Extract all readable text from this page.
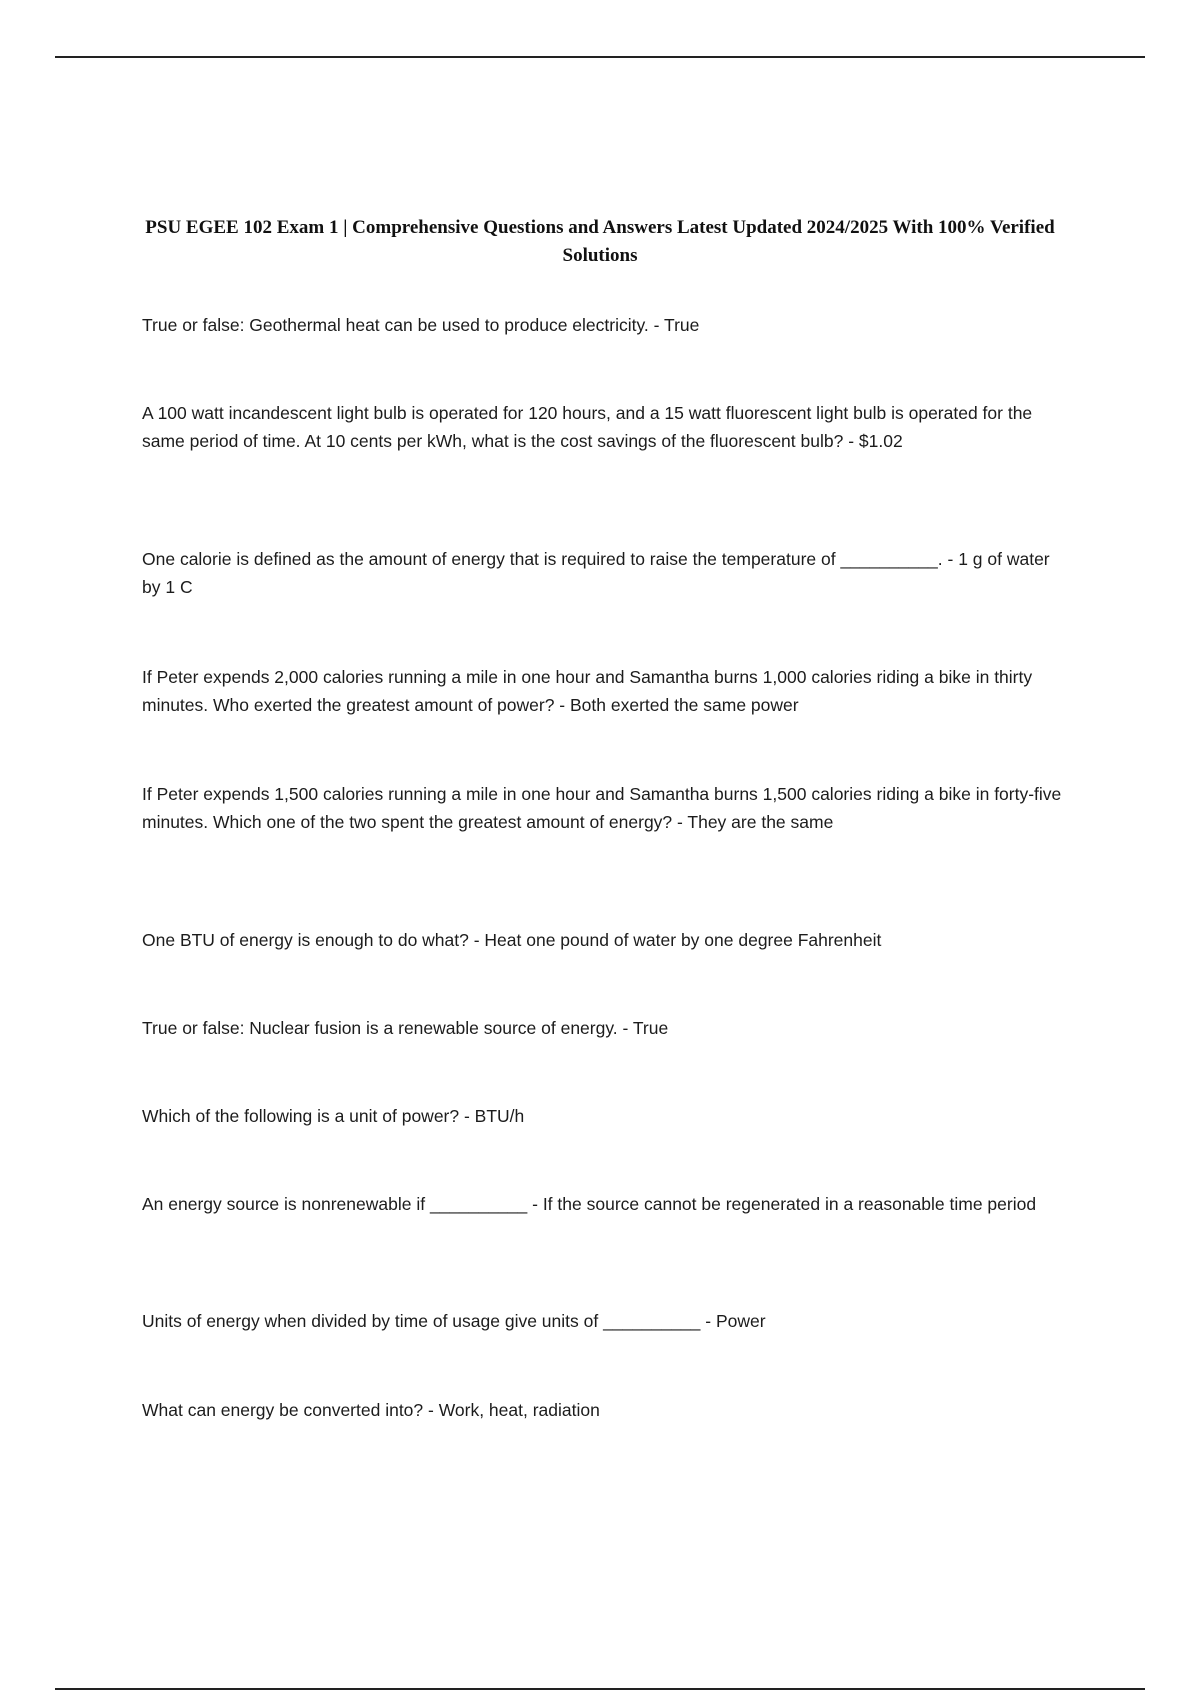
PSU EGEE 102 Exam 1 | Comprehensive Questions and Answers Latest Updated 2024/2025 With 100% Verified Solutions

True or false: Geothermal heat can be used to produce electricity. - True

A 100 watt incandescent light bulb is operated for 120 hours, and a 15 watt fluorescent light bulb is operated for the same period of time. At 10 cents per kWh, what is the cost savings of the fluorescent bulb? - $1.02

One calorie is defined as the amount of energy that is required to raise the temperature of __________. - 1 g of water by 1 C

If Peter expends 2,000 calories running a mile in one hour and Samantha burns 1,000 calories riding a bike in thirty minutes. Who exerted the greatest amount of power? - Both exerted the same power

If Peter expends 1,500 calories running a mile in one hour and Samantha burns 1,500 calories riding a bike in forty-five minutes. Which one of the two spent the greatest amount of energy? - They are the same

One BTU of energy is enough to do what? - Heat one pound of water by one degree Fahrenheit

True or false: Nuclear fusion is a renewable source of energy. - True

Which of the following is a unit of power? - BTU/h

An energy source is nonrenewable if __________ - If the source cannot be regenerated in a reasonable time period

Units of energy when divided by time of usage give units of __________ - Power

What can energy be converted into? - Work, heat, radiation
